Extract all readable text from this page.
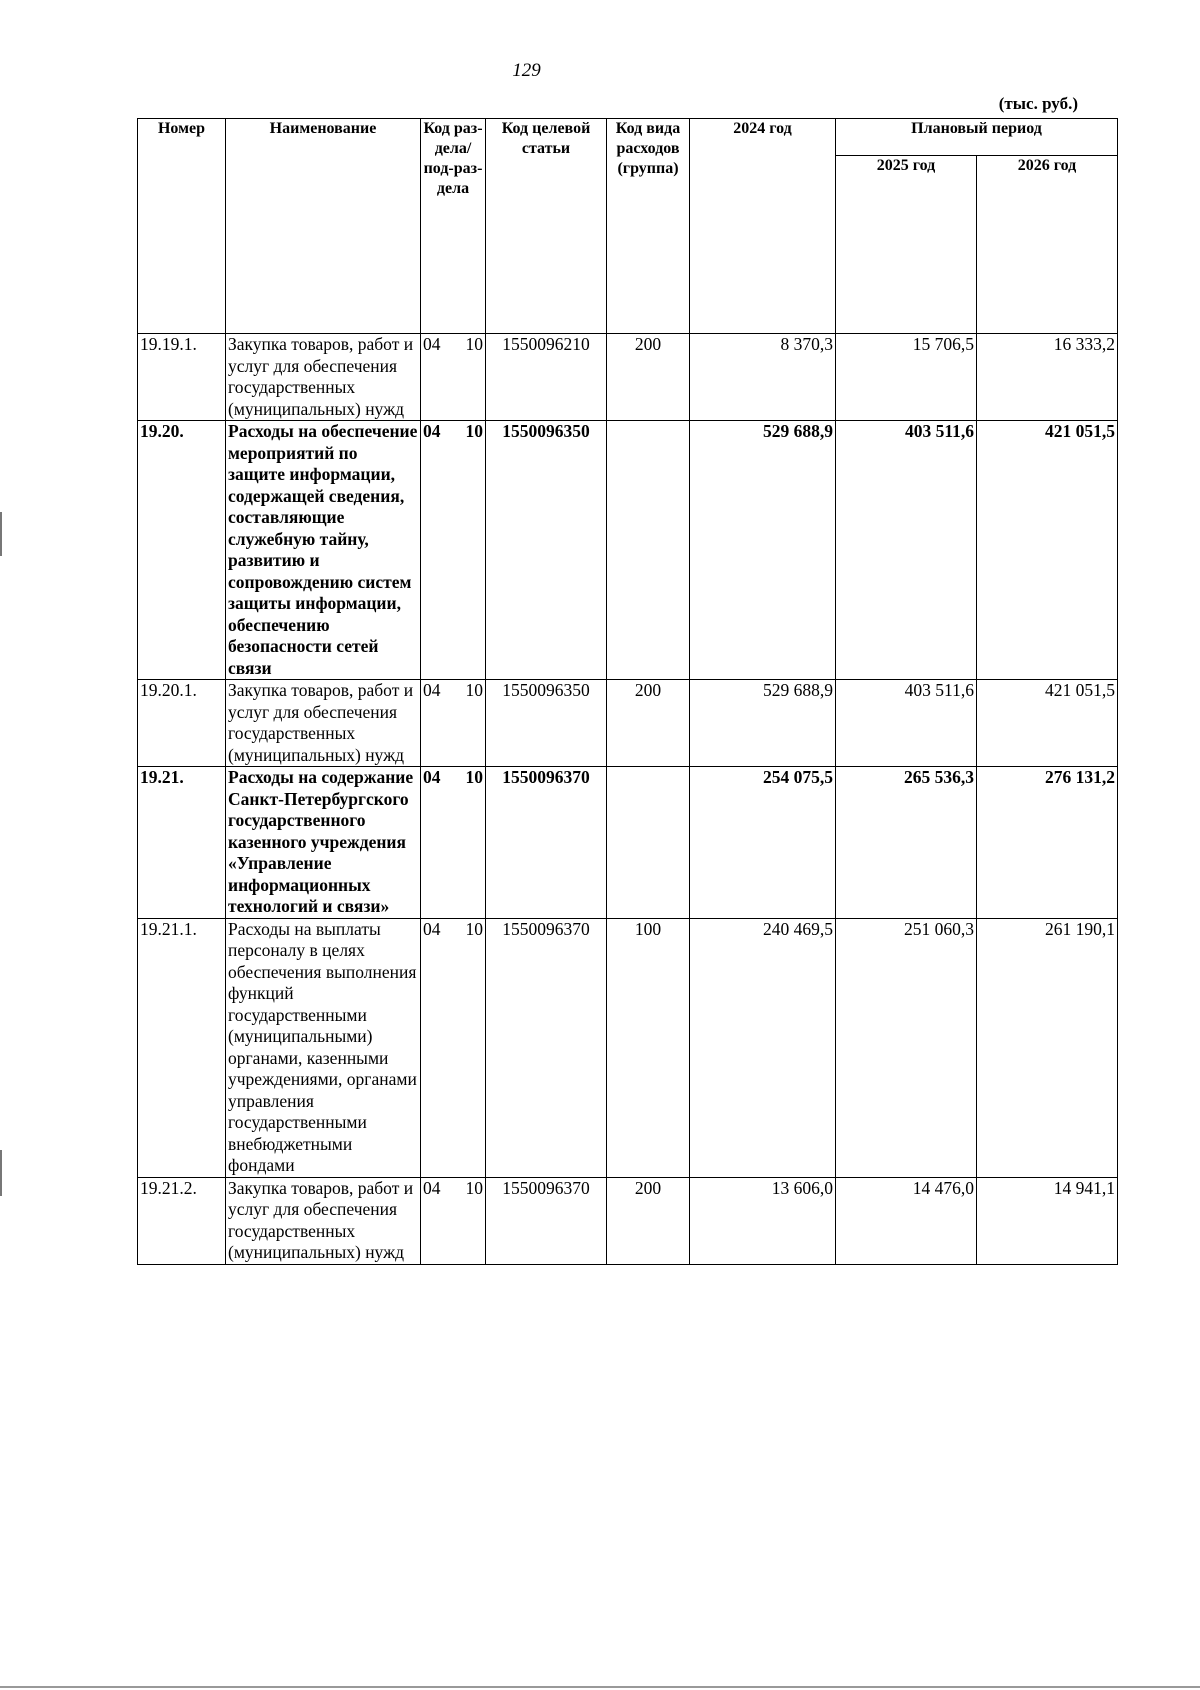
129
(тыс. руб.)
Номер	Наименование	Код раз-дела/ под-раз-дела	Код целевой статьи	Код вида расходов (группа)	2024 год	Плановый период	
						2025 год	2026 год
19.19.1.	Закупка товаров, работ и услуг для обеспечения государственных (муниципальных) нужд	04 10	1550096210	200	8 370,3	15 706,5	16 333,2
19.20.	Расходы на обеспечение мероприятий по защите информации, содержащей сведения, составляющие служебную тайну, развитию и сопровождению систем защиты информации, обеспечению безопасности сетей связи	04 10	1550096350		529 688,9	403 511,6	421 051,5
19.20.1.	Закупка товаров, работ и услуг для обеспечения государственных (муниципальных) нужд	04 10	1550096350	200	529 688,9	403 511,6	421 051,5
19.21.	Расходы на содержание Санкт-Петербургского государственного казенного учреждения «Управление информационных технологий и связи»	04 10	1550096370		254 075,5	265 536,3	276 131,2
19.21.1.	Расходы на выплаты персоналу в целях обеспечения выполнения функций государственными (муниципальными) органами, казенными учреждениями, органами управления государственными внебюджетными фондами	04 10	1550096370	100	240 469,5	251 060,3	261 190,1
19.21.2.	Закупка товаров, работ и услуг для обеспечения государственных (муниципальных) нужд	04 10	1550096370	200	13 606,0	14 476,0	14 941,1
